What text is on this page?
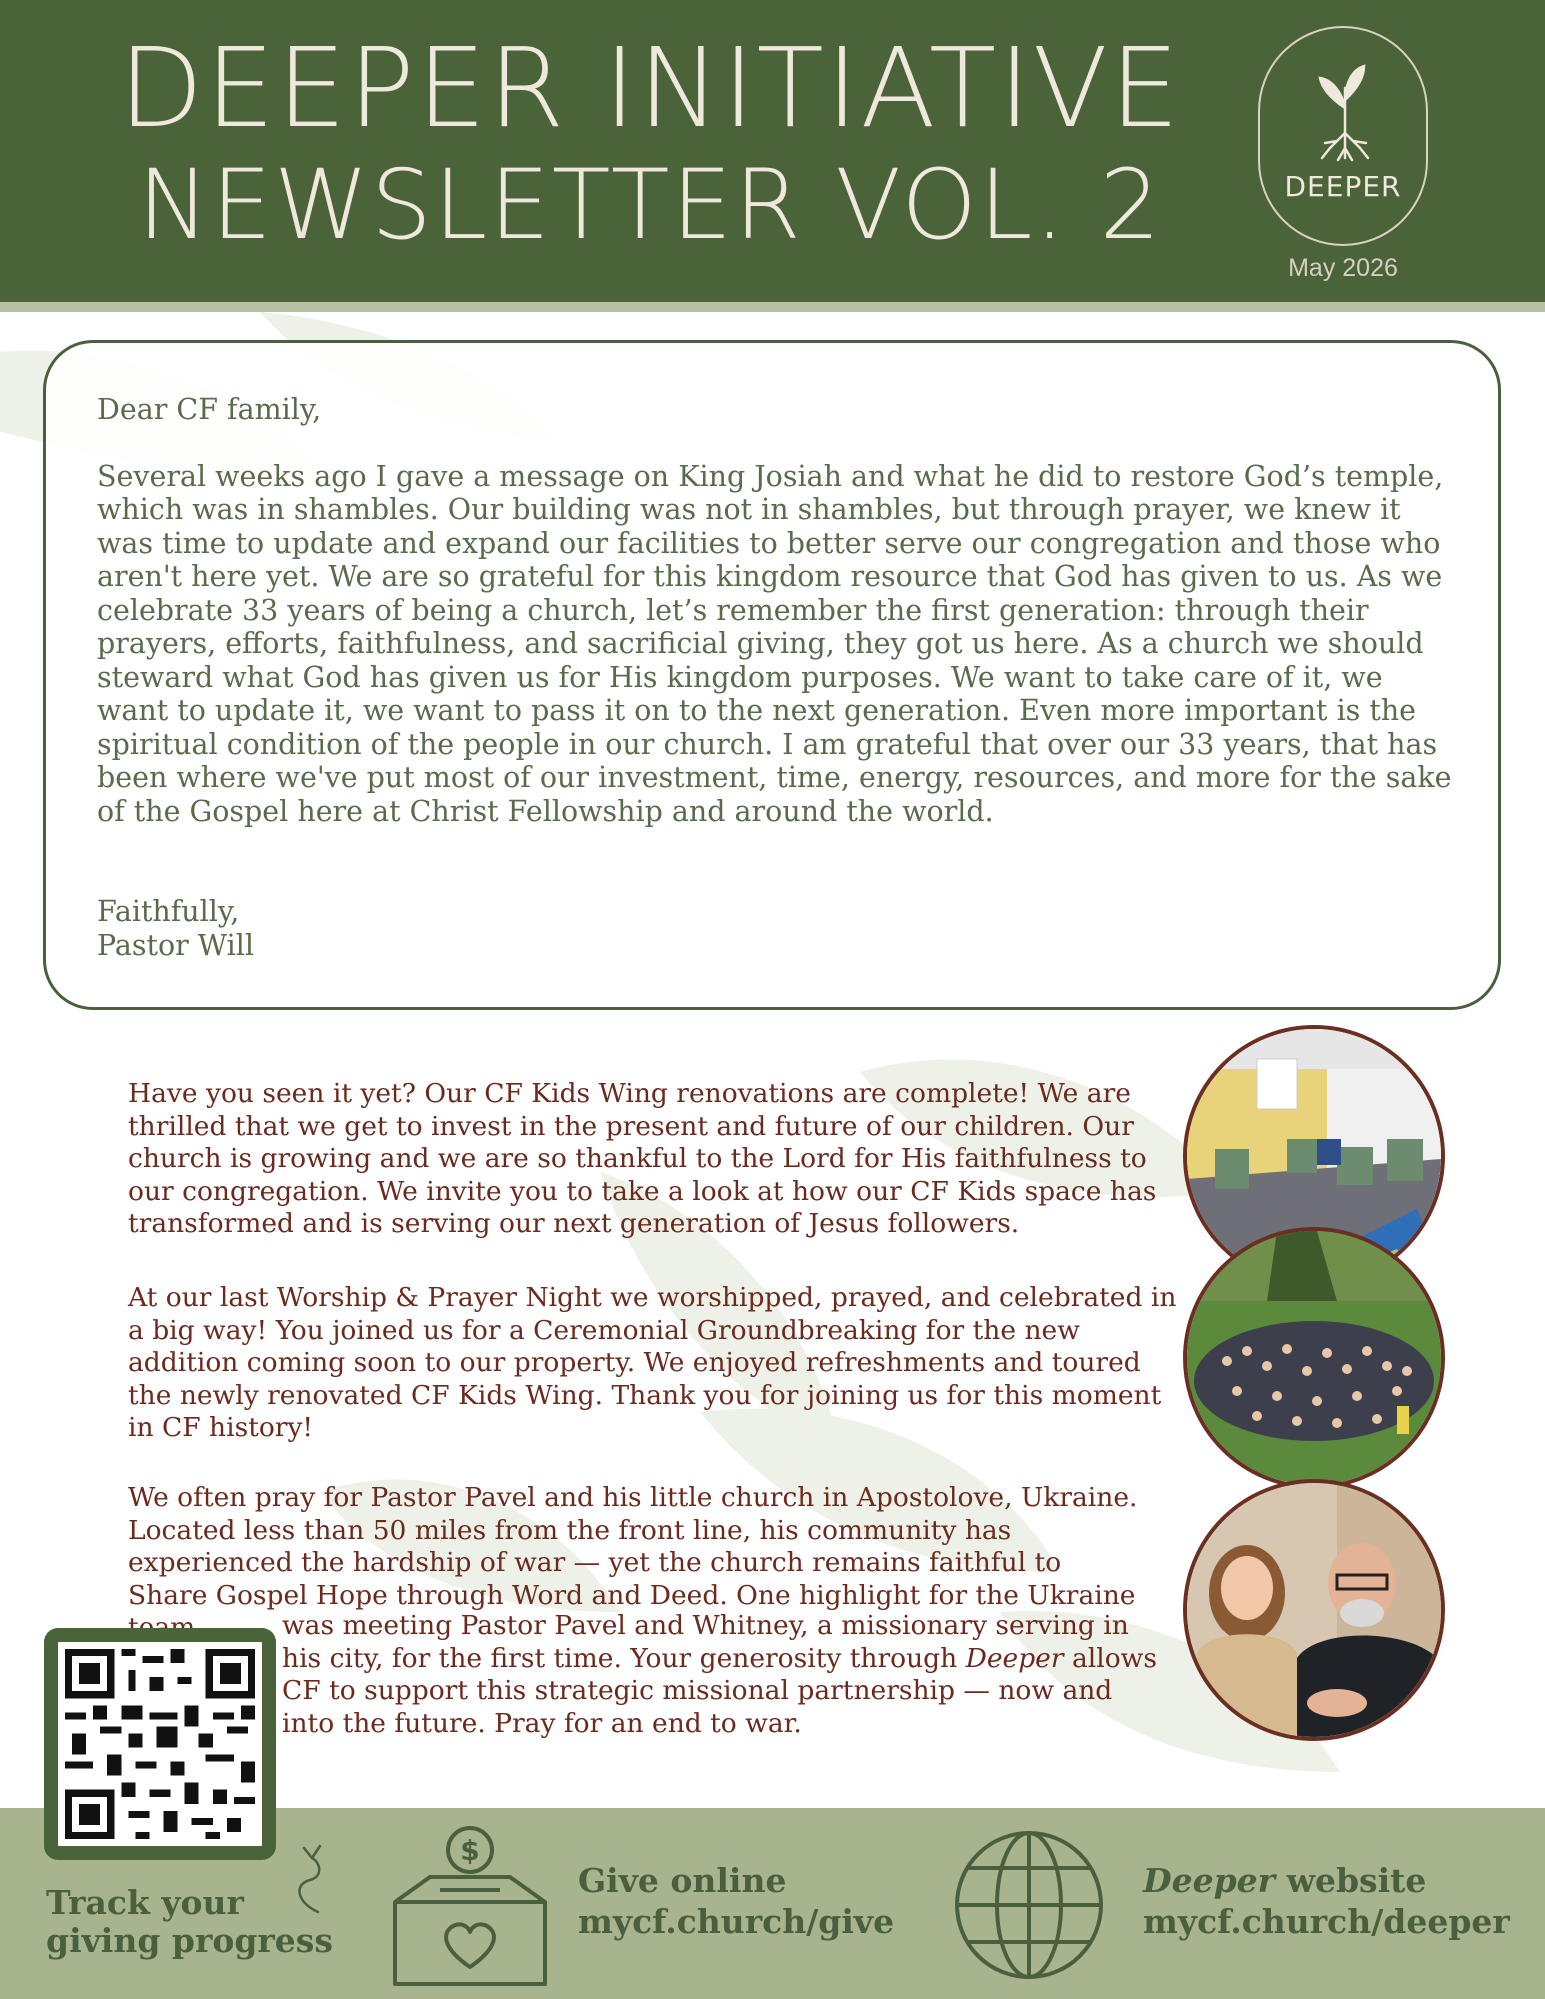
DEEPER INITIATIVE
NEWSLETTER VOL. 2	DEEPER
May 2026

Dear CF family,

Several weeks ago I gave a message on King Josiah and what he did to restore God’s temple, which was in shambles. Our building was not in shambles, but through prayer, we knew it was time to update and expand our facilities to better serve our congregation and those who aren't here yet. We are so grateful for this kingdom resource that God has given to us. As we celebrate 33 years of being a church, let’s remember the first generation: through their prayers, efforts, faithfulness, and sacrificial giving, they got us here. As a church we should steward what God has given us for His kingdom purposes. We want to take care of it, we want to update it, we want to pass it on to the next generation. Even more important is the spiritual condition of the people in our church. I am grateful that over our 33 years, that has been where we've put most of our investment, time, energy, resources, and more for the sake of the Gospel here at Christ Fellowship and around the world.

Faithfully,

Pastor Will

Have you seen it yet? Our CF Kids Wing renovations are complete! We are thrilled that we get to invest in the present and future of our children. Our church is growing and we are so thankful to the Lord for His faithfulness to our congregation. We invite you to take a look at how our CF Kids space has transformed and is serving our next generation of Jesus followers.
At our last Worship & Prayer Night we worshipped, prayed, and celebrated in a big way! You joined us for a Ceremonial Groundbreaking for the new addition coming soon to our property. We enjoyed refreshments and toured the newly renovated CF Kids Wing. Thank you for joining us for this moment in CF history!
We often pray for Pastor Pavel and his little church in Apostolove, Ukraine. Located less than 50 miles from the front line, his community has experienced the hardship of war — yet the church remains faithful to Share Gospel Hope through Word and Deed. One highlight for the Ukraine
was meeting Pastor Pavel and Whitney, a missionary serving in his city, for the first time. Your generosity through Deeper allows CF to support this strategic missional partnership — now and into the future. Pray for an end to war.

Track your
giving progress

$

Give online
mycf.church/give

Deeper website
mycf.church/deeper
